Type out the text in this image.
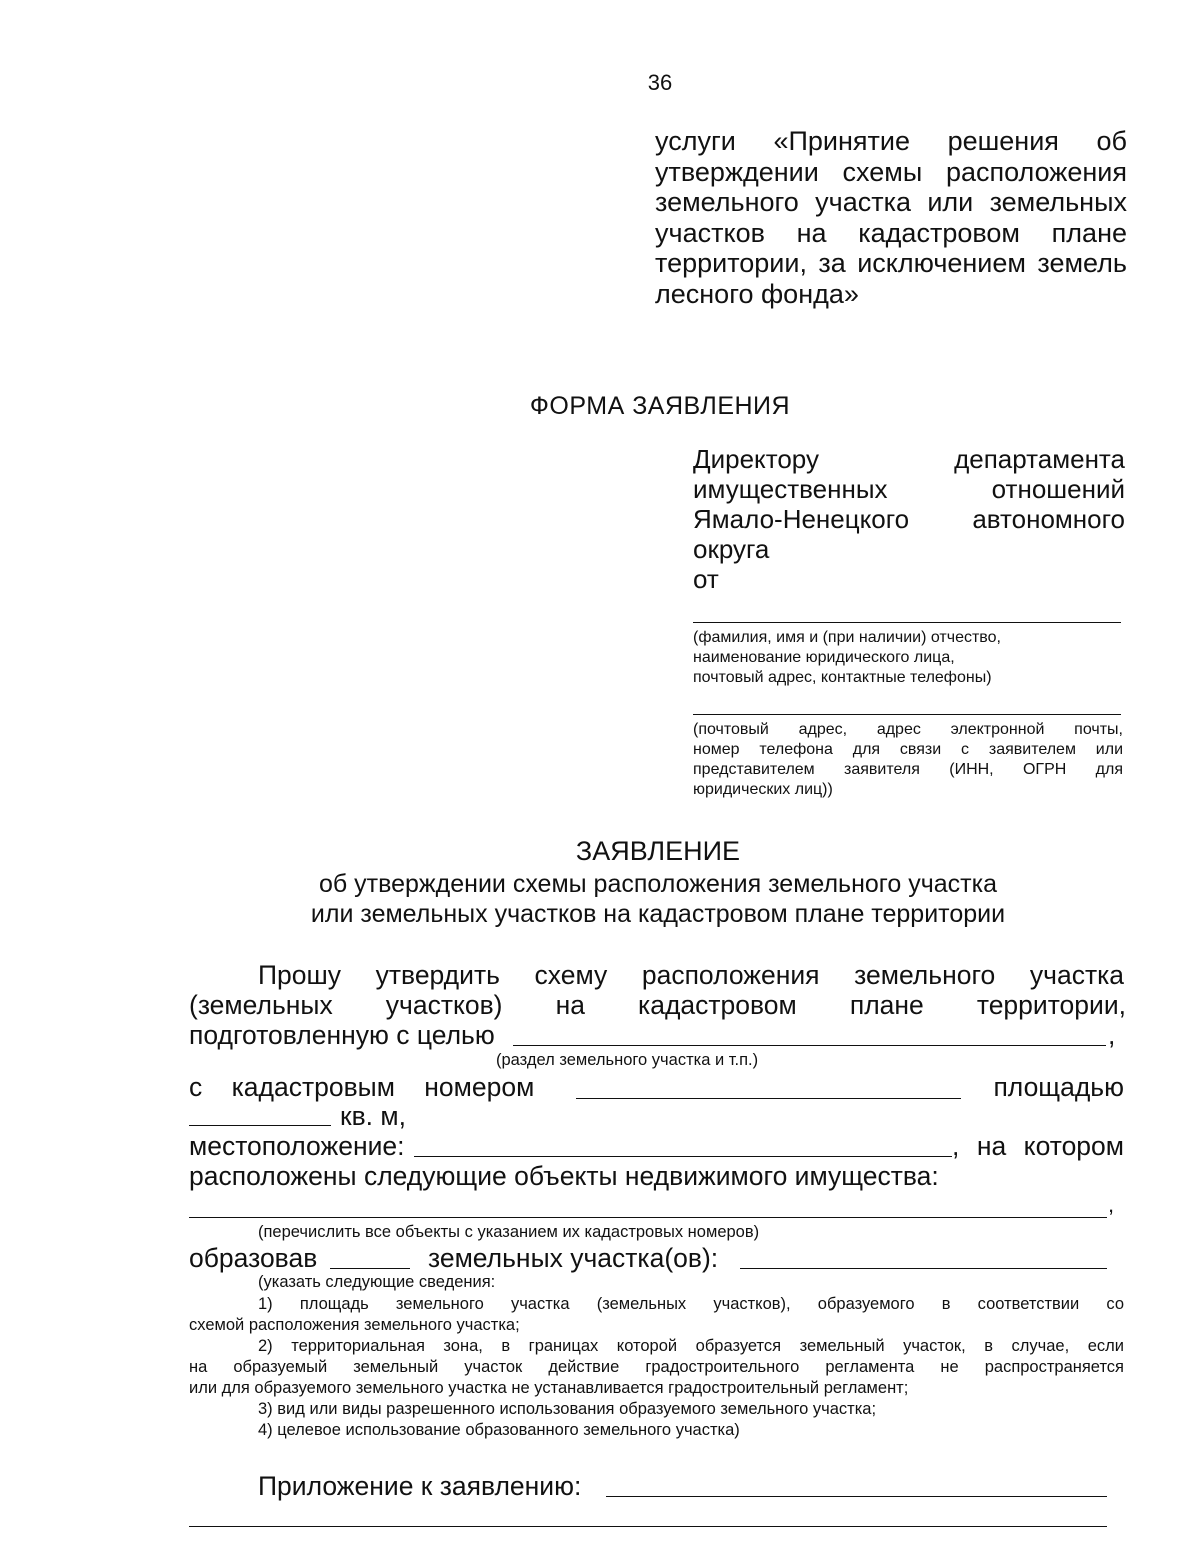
36
услуги «Принятие решения об
утверждении схемы расположения
земельного участка или земельных
участков на кадастровом плане
территории, за исключением земель
лесного фонда»
ФОРМА ЗАЯВЛЕНИЯ
Директору департамента
имущественных отношений
Ямало-Ненецкого автономного
округа
от
(фамилия, имя и (при наличии) отчество,
наименование юридического лица,
почтовый адрес, контактные телефоны)
(почтовый адрес, адрес электронной почты,
номер телефона для связи с заявителем или
представителем заявителя (ИНН, ОГРН для
юридических лиц))
ЗАЯВЛЕНИЕ
об утверждении схемы расположения земельного участка
или земельных участков на кадастровом плане территории
Прошу утвердить схему расположения земельного участка
(земельных участков) на кадастровом плане территории,
подготовленную с целью	,
(раздел земельного участка и т.п.)
с кадастровым номером	площадью
кв. м,
местоположение:	, на котором
расположены следующие объекты недвижимого имущества:
,
(перечислить все объекты с указанием их кадастровых номеров)
образовав	земельных участка(ов):
(указать следующие сведения:
1) площадь земельного участка (земельных участков), образуемого в соответствии со
схемой расположения земельного участка;
2) территориальная зона, в границах которой образуется земельный участок, в случае, если
на образуемый земельный участок действие градостроительного регламента не распространяется
или для образуемого земельного участка не устанавливается градостроительный регламент;
3) вид или виды разрешенного использования образуемого земельного участка;
4) целевое использование образованного земельного участка)
Приложение к заявлению:
